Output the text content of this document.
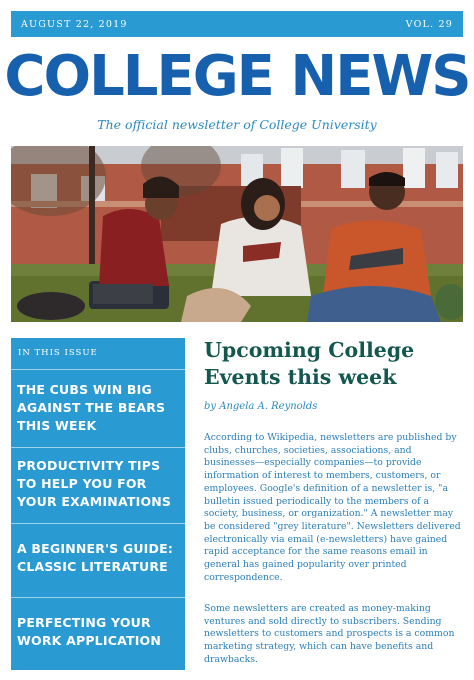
AUGUST 22, 2019	VOL. 29
COLLEGE NEWS
The official newsletter of College University
IN THIS ISSUE
THE CUBS WIN BIG AGAINST THE BEARS THIS WEEK
PRODUCTIVITY TIPS TO HELP YOU FOR YOUR EXAMINATIONS
A BEGINNER'S GUIDE: CLASSIC LITERATURE
PERFECTING YOUR WORK APPLICATION
Upcoming College Events this week
by Angela A. Reynolds
According to Wikipedia, newsletters are published by clubs, churches, societies, associations, and businesses—especially companies—to provide information of interest to members, customers, or employees. Google's definition of a newsletter is, "a bulletin issued periodically to the members of a society, business, or organization." A newsletter may be considered "grey literature". Newsletters delivered electronically via email (e-newsletters) have gained rapid acceptance for the same reasons email in general has gained popularity over printed correspondence.
Some newsletters are created as money-making ventures and sold directly to subscribers. Sending newsletters to customers and prospects is a common marketing strategy, which can have benefits and drawbacks.
